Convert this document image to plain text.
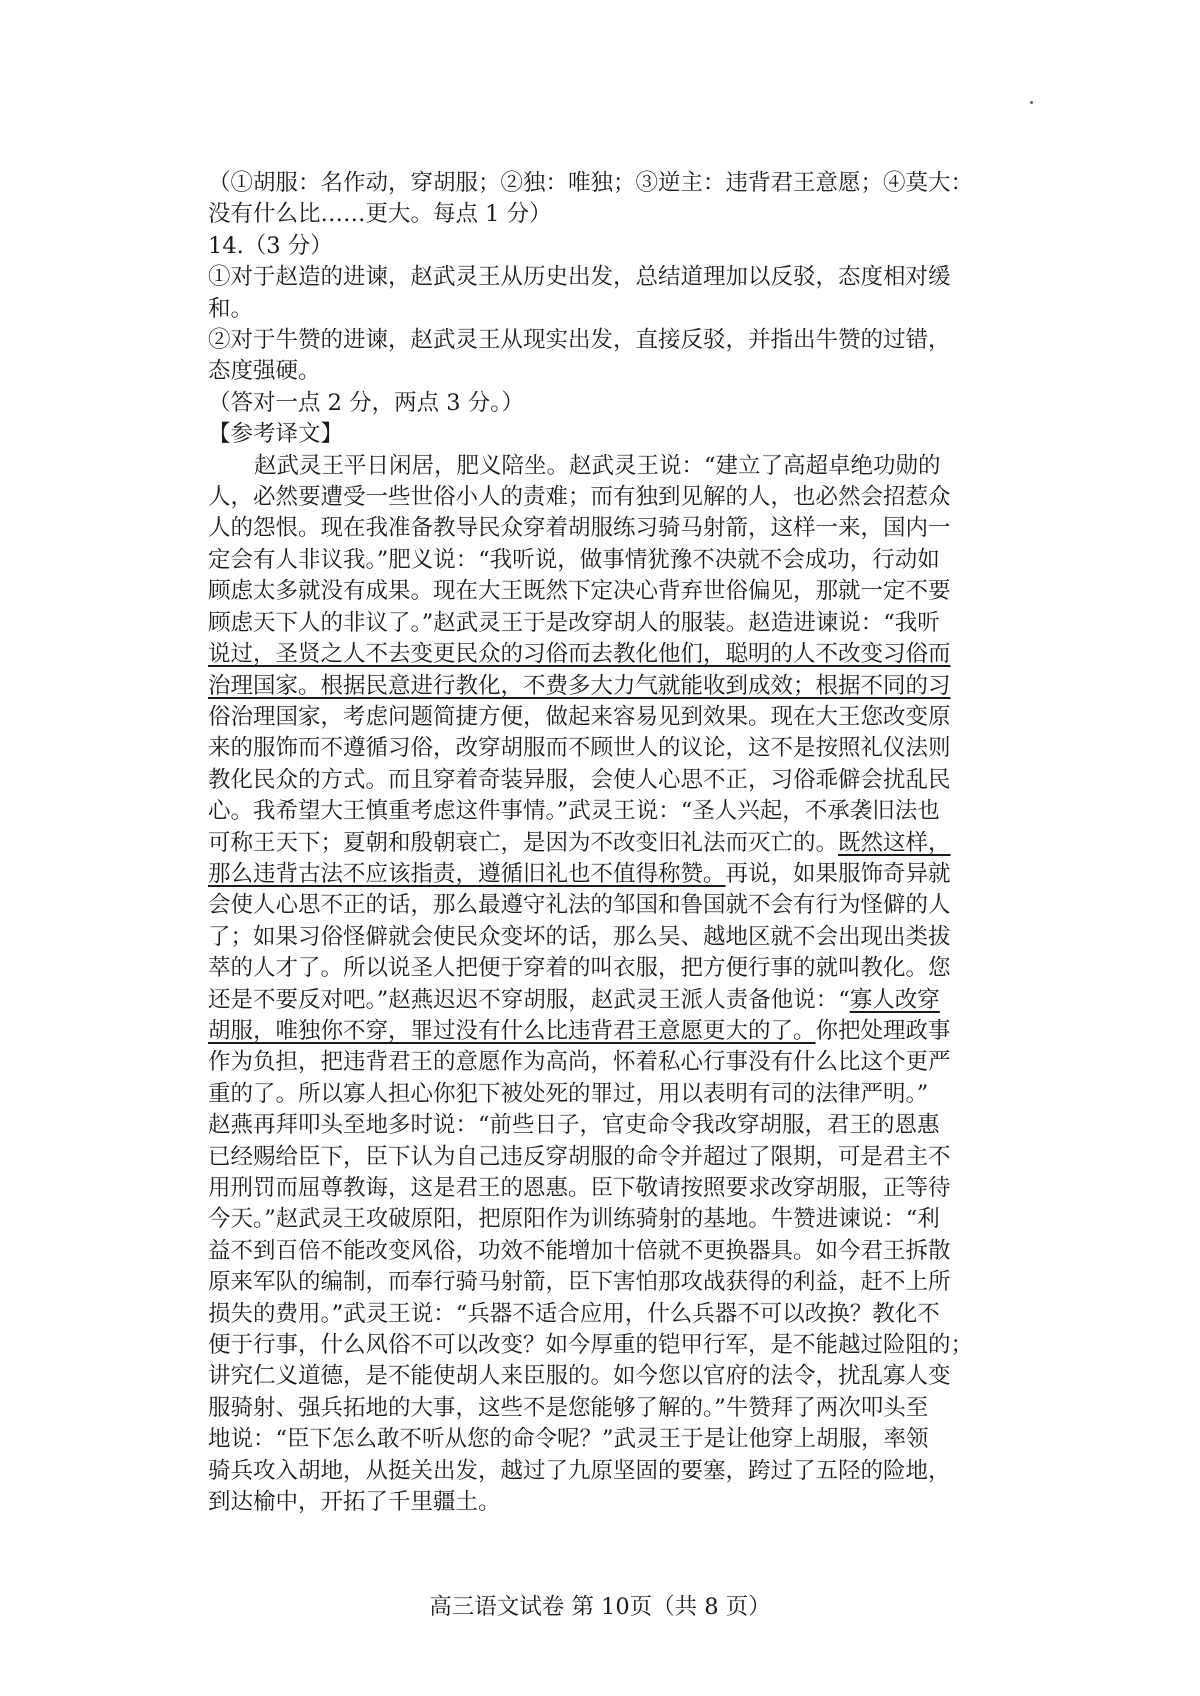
（①胡服：名作动，穿胡服；②独：唯独；③逆主：违背君王意愿；④莫大：

没有什么比……更大。每点 1 分）

14.（3 分）

①对于赵造的进谏，赵武灵王从历史出发，总结道理加以反驳，态度相对缓

和。

②对于牛赞的进谏，赵武灵王从现实出发，直接反驳，并指出牛赞的过错，

态度强硬。

（答对一点 2 分，两点 3 分。）

【参考译文】

赵武灵王平日闲居，肥义陪坐。赵武灵王说：“建立了高超卓绝功勋的

人，必然要遭受一些世俗小人的责难；而有独到见解的人，也必然会招惹众

人的怨恨。现在我准备教导民众穿着胡服练习骑马射箭，这样一来，国内一

定会有人非议我。”肥义说：“我听说，做事情犹豫不决就不会成功，行动如

顾虑太多就没有成果。现在大王既然下定决心背弃世俗偏见，那就一定不要

顾虑天下人的非议了。”赵武灵王于是改穿胡人的服装。赵造进谏说：“我听

说过，圣贤之人不去变更民众的习俗而去教化他们，聪明的人不改变习俗而

治理国家。根据民意进行教化，不费多大力气就能收到成效；根据不同的习

俗治理国家，考虑问题简捷方便，做起来容易见到效果。现在大王您改变原

来的服饰而不遵循习俗，改穿胡服而不顾世人的议论，这不是按照礼仪法则

教化民众的方式。而且穿着奇装异服，会使人心思不正，习俗乖僻会扰乱民

心。我希望大王慎重考虑这件事情。”武灵王说：“圣人兴起，不承袭旧法也

可称王天下；夏朝和殷朝衰亡，是因为不改变旧礼法而灭亡的。既然这样，

那么违背古法不应该指责，遵循旧礼也不值得称赞。再说，如果服饰奇异就

会使人心思不正的话，那么最遵守礼法的邹国和鲁国就不会有行为怪僻的人

了；如果习俗怪僻就会使民众变坏的话，那么吴、越地区就不会出现出类拔

萃的人才了。所以说圣人把便于穿着的叫衣服，把方便行事的就叫教化。您

还是不要反对吧。”赵燕迟迟不穿胡服，赵武灵王派人责备他说：“寡人改穿

胡服，唯独你不穿，罪过没有什么比违背君王意愿更大的了。你把处理政事

作为负担，把违背君王的意愿作为高尚，怀着私心行事没有什么比这个更严

重的了。所以寡人担心你犯下被处死的罪过，用以表明有司的法律严明。”

赵燕再拜叩头至地多时说：“前些日子，官吏命令我改穿胡服，君王的恩惠

已经赐给臣下，臣下认为自己违反穿胡服的命令并超过了限期，可是君主不

用刑罚而屈尊教诲，这是君王的恩惠。臣下敬请按照要求改穿胡服，正等待

今天。”赵武灵王攻破原阳，把原阳作为训练骑射的基地。牛赞进谏说：“利

益不到百倍不能改变风俗，功效不能增加十倍就不更换器具。如今君王拆散

原来军队的编制，而奉行骑马射箭，臣下害怕那攻战获得的利益，赶不上所

损失的费用。”武灵王说：“兵器不适合应用，什么兵器不可以改换？教化不

便于行事，什么风俗不可以改变？如今厚重的铠甲行军，是不能越过险阻的；

讲究仁义道德，是不能使胡人来臣服的。如今您以官府的法令，扰乱寡人变

服骑射、强兵拓地的大事，这些不是您能够了解的。”牛赞拜了两次叩头至

地说：“臣下怎么敢不听从您的命令呢？”武灵王于是让他穿上胡服，率领

骑兵攻入胡地，从挺关出发，越过了九原坚固的要塞，跨过了五陉的险地，

到达榆中，开拓了千里疆土。

高三语文试卷 第 10页（共 8 页）
